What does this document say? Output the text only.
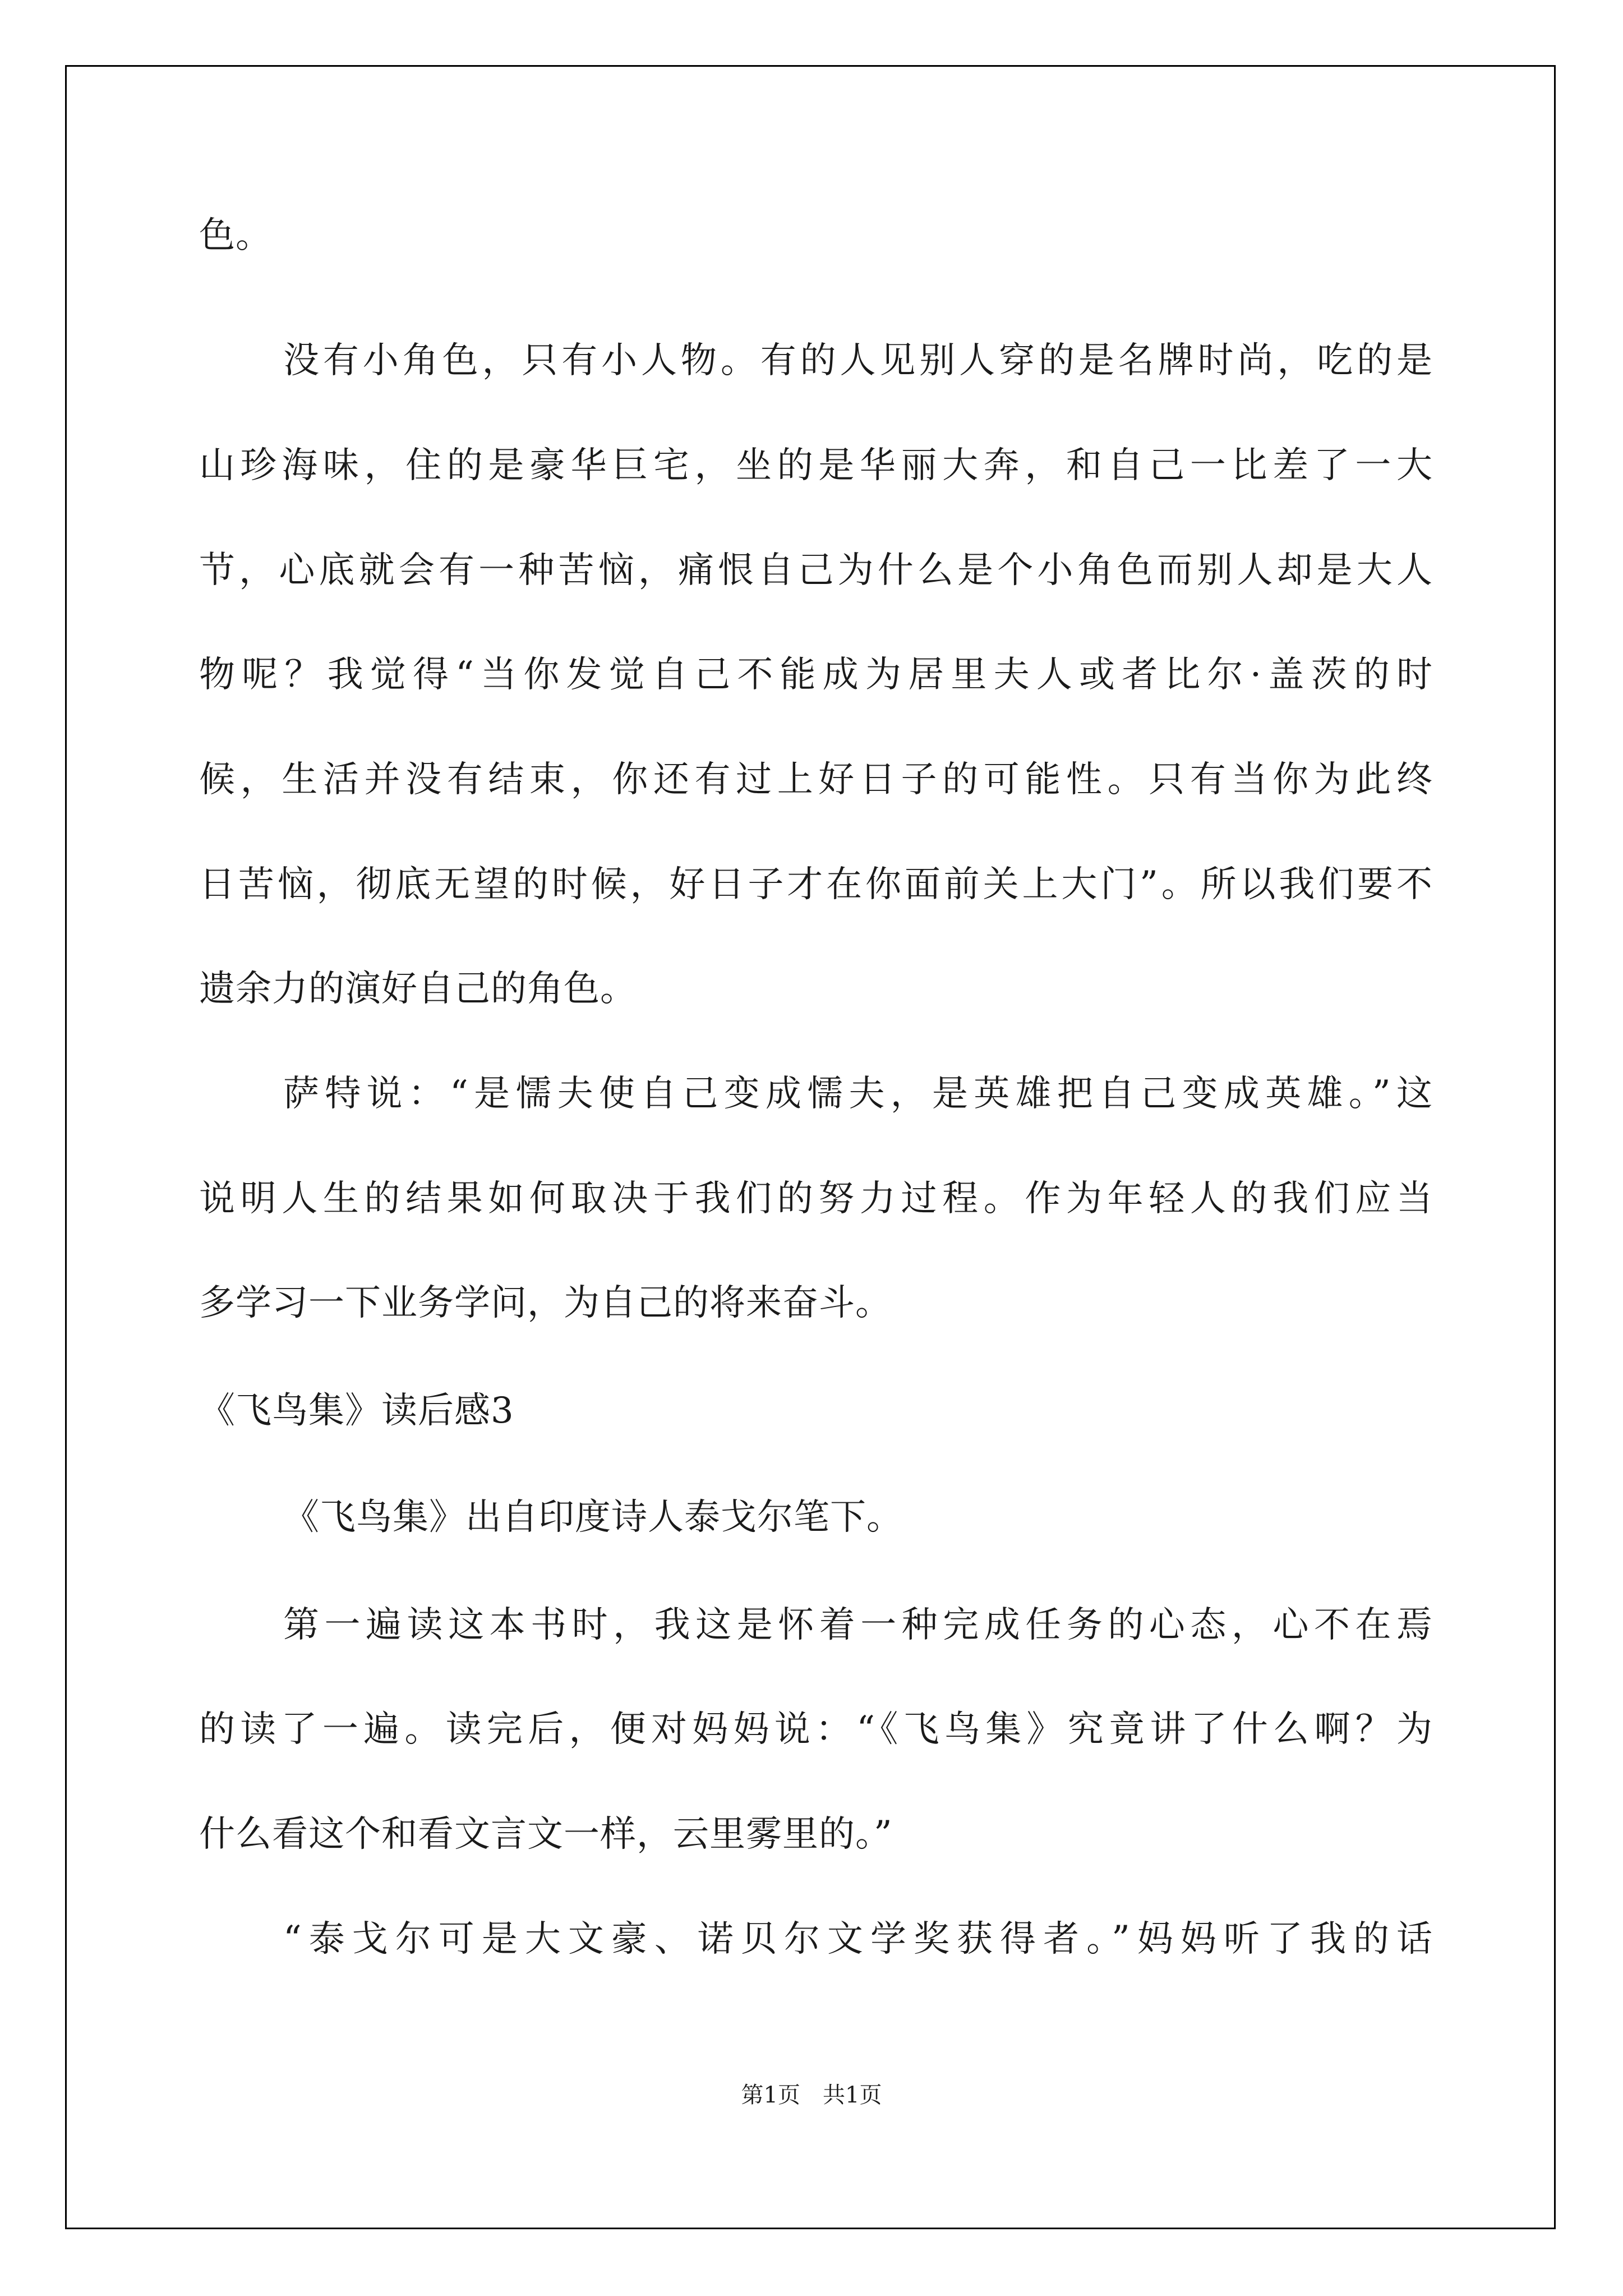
色。
没有小角色，只有小人物。有的人见别人穿的是名牌时尚，吃的是
山珍海味，住的是豪华巨宅，坐的是华丽大奔，和自己一比差了一大
节，心底就会有一种苦恼，痛恨自己为什么是个小角色而别人却是大人
物呢？我觉得“当你发觉自己不能成为居里夫人或者比尔·盖茨的时
候，生活并没有结束，你还有过上好日子的可能性。只有当你为此终
日苦恼，彻底无望的时候，好日子才在你面前关上大门”。所以我们要不
遗余力的演好自己的角色。
萨特说：“是懦夫使自己变成懦夫，是英雄把自己变成英雄。”这
说明人生的结果如何取决于我们的努力过程。作为年轻人的我们应当
多学习一下业务学问，为自己的将来奋斗。
《飞鸟集》读后感3
《飞鸟集》出自印度诗人泰戈尔笔下。
第一遍读这本书时，我这是怀着一种完成任务的心态，心不在焉
的读了一遍。读完后，便对妈妈说：“《飞鸟集》究竟讲了什么啊？为
什么看这个和看文言文一样，云里雾里的。”
“泰戈尔可是大文豪、诺贝尔文学奖获得者。”妈妈听了我的话
第1页 共1页
